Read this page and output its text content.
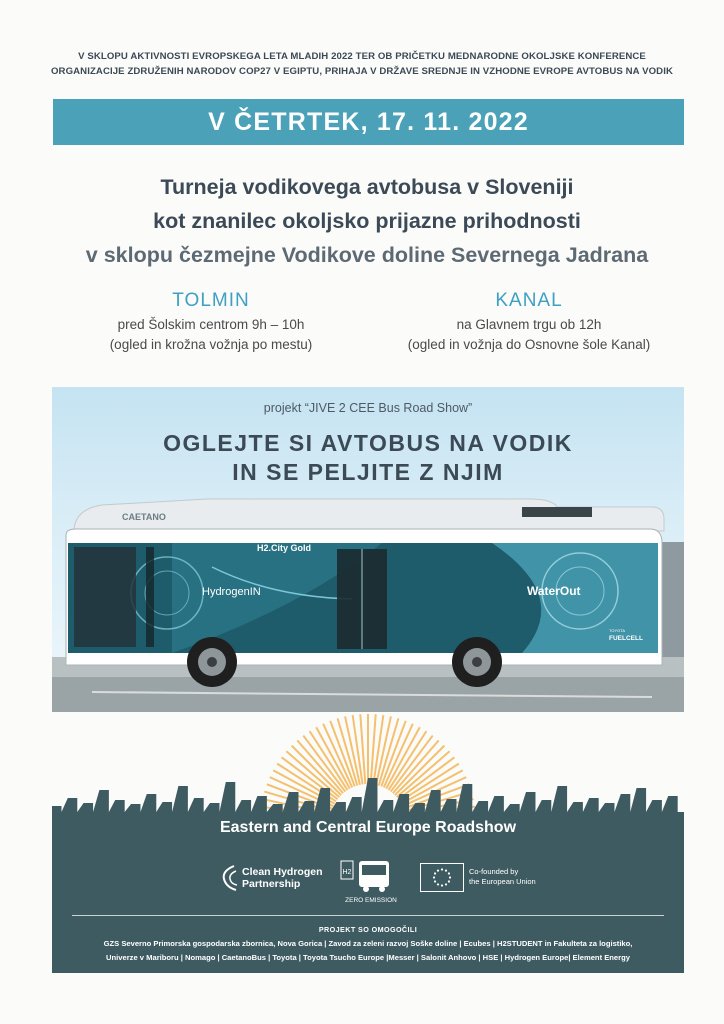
V SKLOPU AKTIVNOSTI EVROPSKEGA LETA MLADIH 2022 TER OB PRIČETKU MEDNARODNE OKOLJSKE KONFERENCE
ORGANIZACIJE ZDRUŽENIH NARODOV COP27 V EGIPTU, PRIHAJA V DRŽAVE SREDNJE IN VZHODNE EVROPE AVTOBUS NA VODIK
V ČETRTEK, 17. 11. 2022
Turneja vodikovega avtobusa v Sloveniji
kot znanilec okoljsko prijazne prihodnosti
v sklopu čezmejne Vodikove doline Severnega Jadrana
TOLMIN
pred Šolskim centrom 9h – 10h
(ogled in krožna vožnja po mestu)
KANAL
na Glavnem trgu ob 12h
(ogled in vožnja do Osnovne šole Kanal)
projekt “JIVE 2 CEE Bus Road Show”
OGLEJTE SI AVTOBUS NA VODIK
IN SE PELJITE Z NJIM
CAETANO
H2.City Gold
HydrogenIN	WaterOut
TOYOTA
FUELCELL
Eastern and Central Europe Roadshow
Clean Hydrogen
Partnership
H2
ZERO EMISSION
Co-founded by
the European Union
PROJEKT SO OMOGOČILI
GZS Severno Primorska gospodarska zbornica, Nova Gorica | Zavod za zeleni razvoj Soške doline | Ecubes | H2STUDENT in Fakulteta za logistiko,
Univerze v Mariboru | Nomago | CaetanoBus | Toyota | Toyota Tsucho Europe |Messer | Salonit Anhovo | HSE | Hydrogen Europe| Element Energy
